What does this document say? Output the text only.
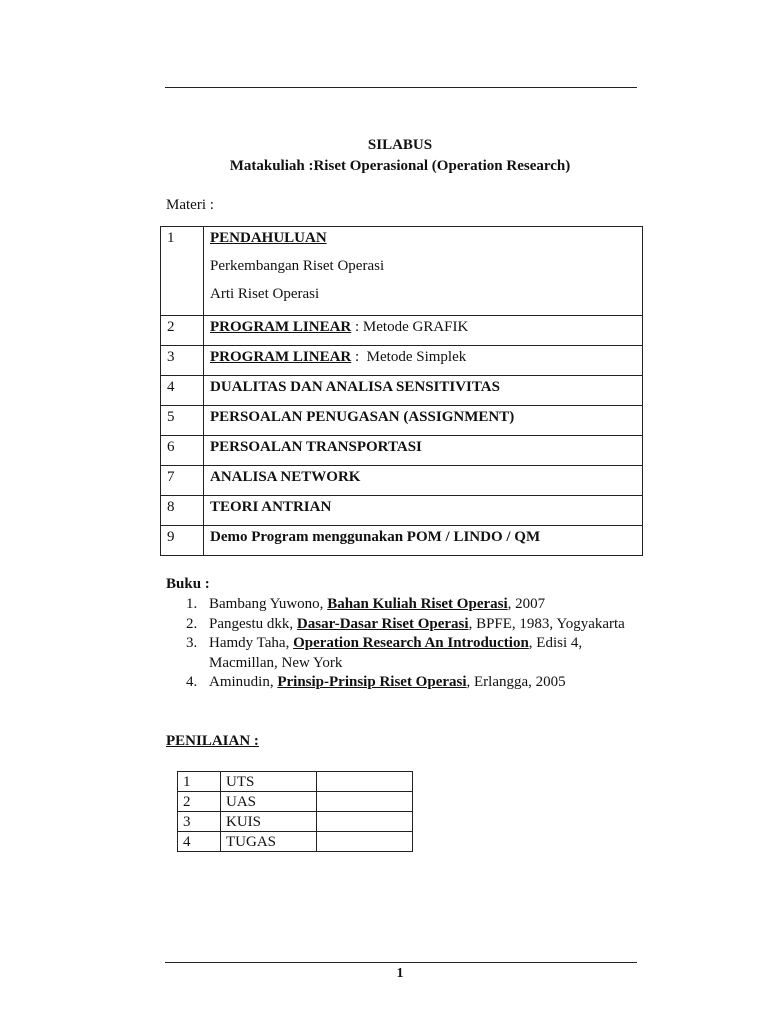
SILABUS
Matakuliah :Riset Operasional (Operation Research)
Materi :
1	PENDAHULUAN
Perkembangan Riset Operasi
Arti Riset Operasi

2	PROGRAM LINEAR : Metode GRAFIK
3	PROGRAM LINEAR :  Metode Simplek
4	DUALITAS DAN ANALISA SENSITIVITAS
5	PERSOALAN PENUGASAN (ASSIGNMENT)
6	PERSOALAN TRANSPORTASI
7	ANALISA NETWORK
8	TEORI ANTRIAN
9	Demo Program menggunakan POM / LINDO / QM
Buku :
1. Bambang Yuwono, Bahan Kuliah Riset Operasi, 2007
2. Pangestu dkk, Dasar-Dasar Riset Operasi, BPFE, 1983, Yogyakarta
3. Hamdy Taha, Operation Research An Introduction, Edisi 4, Macmillan, New York
4. Aminudin, Prinsip-Prinsip Riset Operasi, Erlangga, 2005
PENILAIAN :
1	UTS	
2	UAS	
3	KUIS	
4	TUGAS	
1
